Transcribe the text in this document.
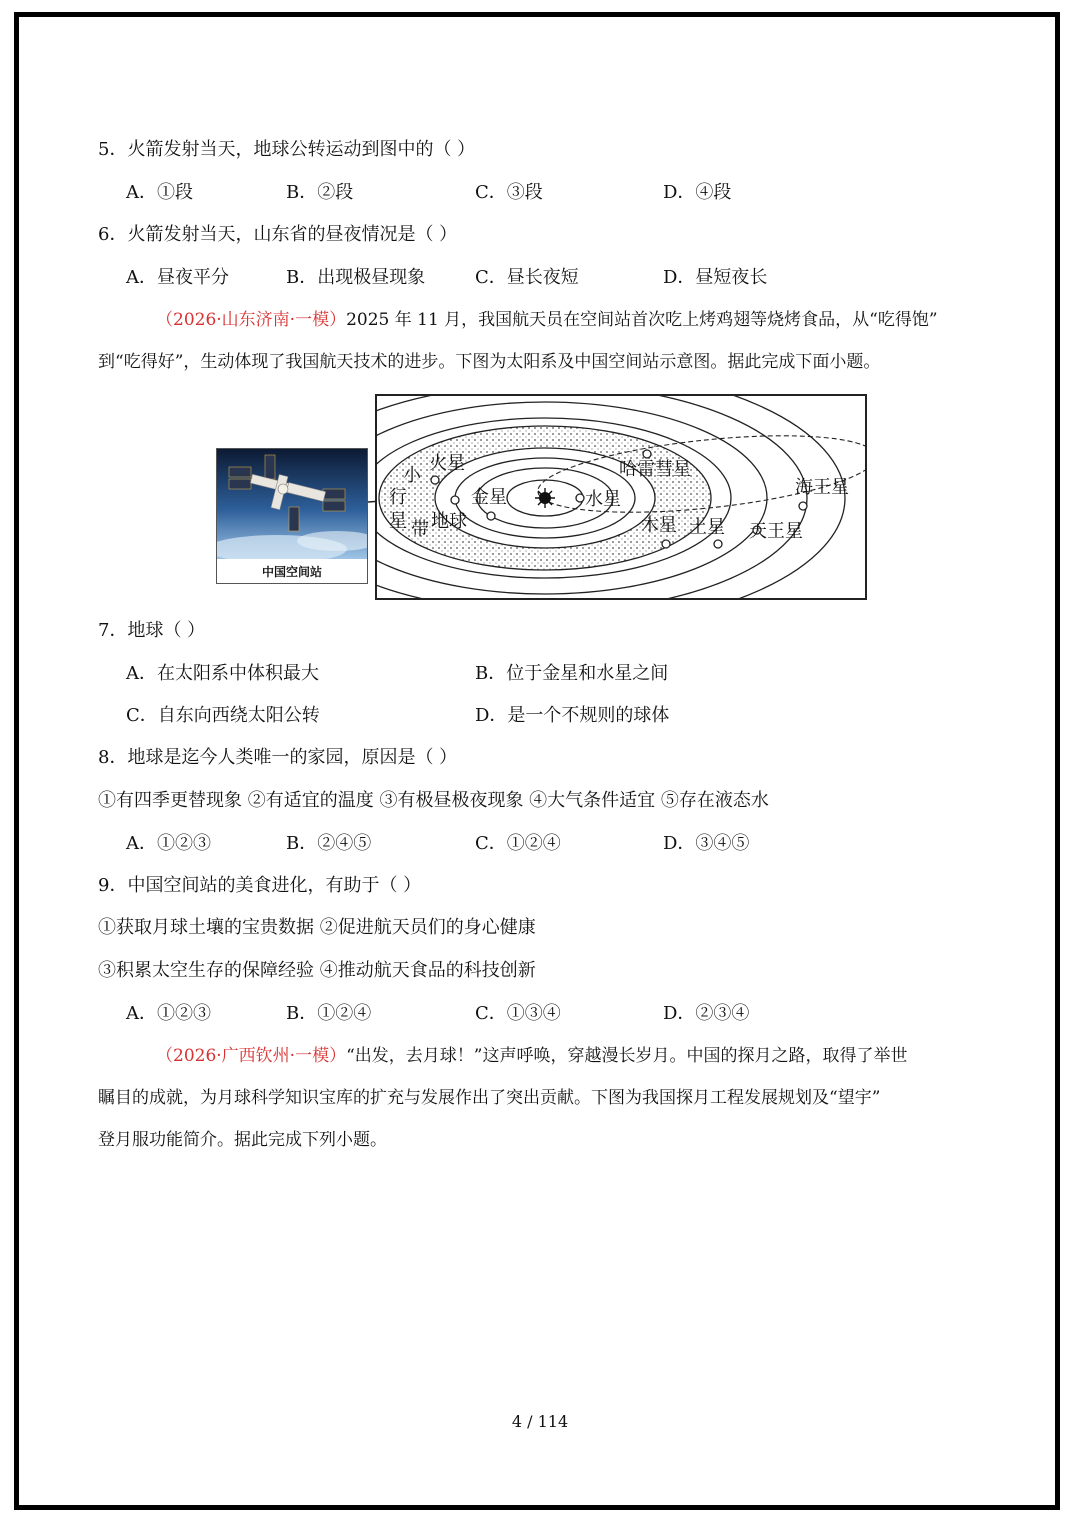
5．火箭发射当天，地球公转运动到图中的（ ）
A．①段	B．②段	C．③段	D．④段
6．火箭发射当天，山东省的昼夜情况是（ ）
A．昼夜平分	B．出现极昼现象	C．昼长夜短	D．昼短夜长
（2026·山东济南·一模）2025 年 11 月，我国航天员在空间站首次吃上烤鸡翅等烧烤食品，从“吃得饱”
到“吃得好”，生动体现了我国航天技术的进步。下图为太阳系及中国空间站示意图。据此完成下面小题。
中国空间站
小
火星	哈雷彗星
海王星
行	金星	水星
星 带 地球	木星 土星 天王星
7．地球（ ）
A．在太阳系中体积最大	B．位于金星和水星之间
C．自东向西绕太阳公转	D．是一个不规则的球体
8．地球是迄今人类唯一的家园，原因是（ ）
①有四季更替现象 ②有适宜的温度 ③有极昼极夜现象 ④大气条件适宜 ⑤存在液态水
A．①②③	B．②④⑤	C．①②④	D．③④⑤
9．中国空间站的美食进化，有助于（ ）
①获取月球土壤的宝贵数据 ②促进航天员们的身心健康
③积累太空生存的保障经验 ④推动航天食品的科技创新
A．①②③	B．①②④	C．①③④	D．②③④
（2026·广西钦州·一模）“出发，去月球！”这声呼唤，穿越漫长岁月。中国的探月之路，取得了举世
瞩目的成就，为月球科学知识宝库的扩充与发展作出了突出贡献。下图为我国探月工程发展规划及“望宇”
登月服功能简介。据此完成下列小题。
4 / 114
